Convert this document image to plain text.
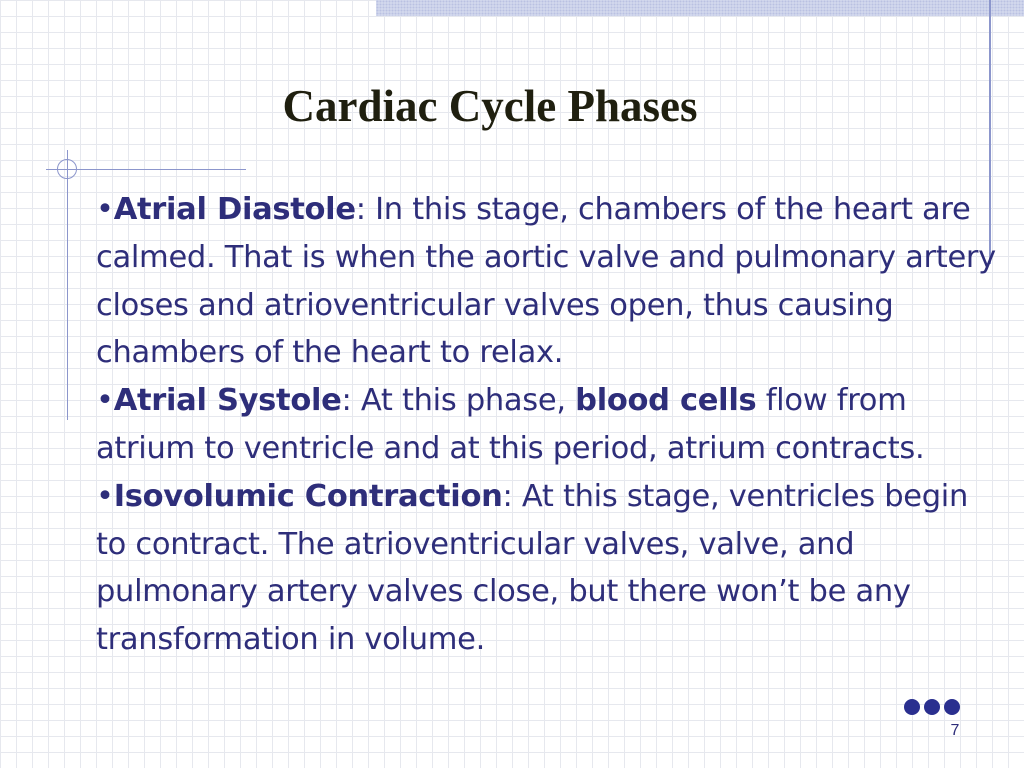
Cardiac Cycle Phases

•Atrial Diastole: In this stage, chambers of the heart are calmed. That is when the aortic valve and pulmonary artery closes and atrioventricular valves open, thus causing chambers of the heart to relax.

•Atrial Systole: At this phase, blood cells flow from atrium to ventricle and at this period, atrium contracts.

•Isovolumic Contraction: At this stage, ventricles begin to contract. The atrioventricular valves, valve, and pulmonary artery valves close, but there won’t be any transformation in volume.

7
